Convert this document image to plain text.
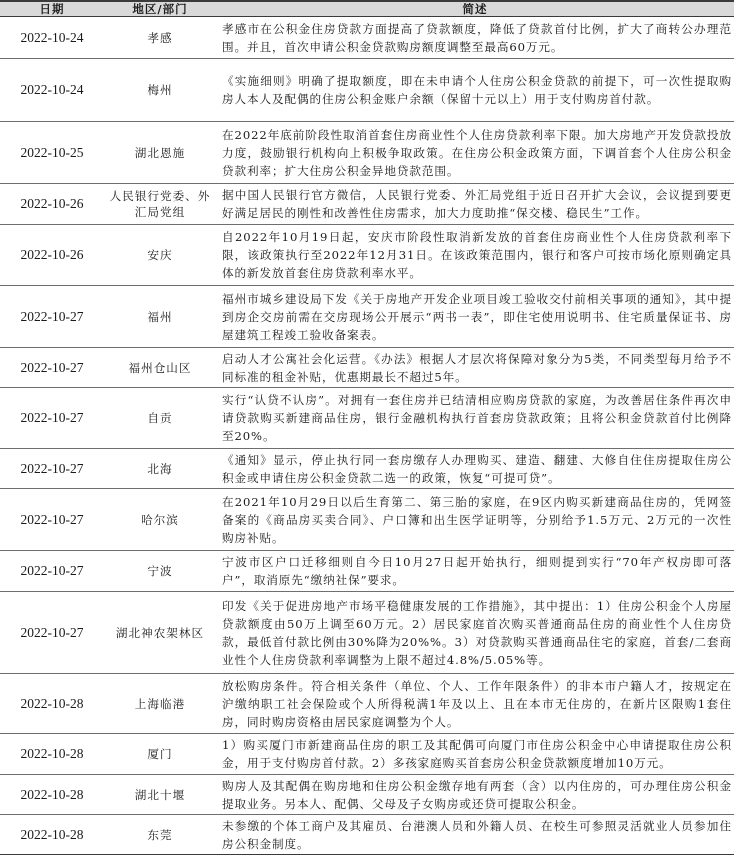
日期	地区/部门	简述
2022-10-24	孝感	孝感市在公积金住房贷款方面提高了贷款额度，降低了贷款首付比例，扩大了商转公办理范围。并且，首次申请公积金贷款购房额度调整至最高60万元。
2022-10-24	梅州	《实施细则》明确了提取额度，即在未申请个人住房公积金贷款的前提下，可一次性提取购房人本人及配偶的住房公积金账户余额（保留十元以上）用于支付购房首付款。
2022-10-25	湖北恩施	在2022年底前阶段性取消首套住房商业性个人住房贷款利率下限。加大房地产开发贷款投放力度，鼓励银行机构向上积极争取政策。在住房公积金政策方面，下调首套个人住房公积金贷款利率；扩大住房公积金异地贷款范围。
2022-10-26	人民银行党委、外汇局党组	据中国人民银行官方微信，人民银行党委、外汇局党组于近日召开扩大会议，会议提到要更好满足居民的刚性和改善性住房需求，加大力度助推“保交楼、稳民生”工作。
2022-10-26	安庆	自2022年10月19日起，安庆市阶段性取消新发放的首套住房商业性个人住房贷款利率下限，该政策执行至2022年12月31日。在该政策范围内，银行和客户可按市场化原则确定具体的新发放首套住房贷款利率水平。
2022-10-27	福州	福州市城乡建设局下发《关于房地产开发企业项目竣工验收交付前相关事项的通知》，其中提到房企交房前需在交房现场公开展示“两书一表”，即住宅使用说明书、住宅质量保证书、房屋建筑工程竣工验收备案表。
2022-10-27	福州仓山区	启动人才公寓社会化运营。《办法》根据人才层次将保障对象分为5类，不同类型每月给予不同标准的租金补贴，优惠期最长不超过5年。
2022-10-27	自贡	实行“认贷不认房”。对拥有一套住房并已结清相应购房贷款的家庭，为改善居住条件再次申请贷款购买新建商品住房，银行金融机构执行首套房贷款政策；且将公积金贷款首付比例降至20%。
2022-10-27	北海	《通知》显示，停止执行同一套房缴存人办理购买、建造、翻建、大修自住住房提取住房公积金或申请住房公积金贷款二选一的政策，恢复“可提可贷”。
2022-10-27	哈尔滨	在2021年10月29日以后生育第二、第三胎的家庭，在9区内购买新建商品住房的，凭网签备案的《商品房买卖合同》、户口簿和出生医学证明等，分别给予1.5万元、2万元的一次性购房补贴。
2022-10-27	宁波	宁波市区户口迁移细则自今日10月27日起开始执行，细则提到实行“70年产权房即可落户”，取消原先“缴纳社保”要求。
2022-10-27	湖北神农架林区	印发《关于促进房地产市场平稳健康发展的工作措施》，其中提出：1）住房公积金个人房屋贷款额度由50万上调至60万元。2）居民家庭首次购买普通商品住房的商业性个人住房贷款，最低首付款比例由30%降为20%%。3）对贷款购买普通商品住宅的家庭，首套/二套商业性个人住房贷款利率调整为上限不超过4.8%/5.05%等。
2022-10-28	上海临港	放松购房条件。符合相关条件（单位、个人、工作年限条件）的非本市户籍人才，按规定在沪缴纳职工社会保险或个人所得税满1年及以上、且在本市无住房的，在新片区限购1套住房，同时购房资格由居民家庭调整为个人。
2022-10-28	厦门	1）购买厦门市新建商品住房的职工及其配偶可向厦门市住房公积金中心申请提取住房公积金，用于支付购房首付款。2）多孩家庭购买首套房公积金贷款额度增加10万元。
2022-10-28	湖北十堰	购房人及其配偶在购房地和住房公积金缴存地有两套（含）以内住房的，可办理住房公积金提取业务。另本人、配偶、父母及子女购房或还贷可提取公积金。
2022-10-28	东莞	未参缴的个体工商户及其雇员、台港澳人员和外籍人员、在校生可参照灵活就业人员参加住房公积金制度。
